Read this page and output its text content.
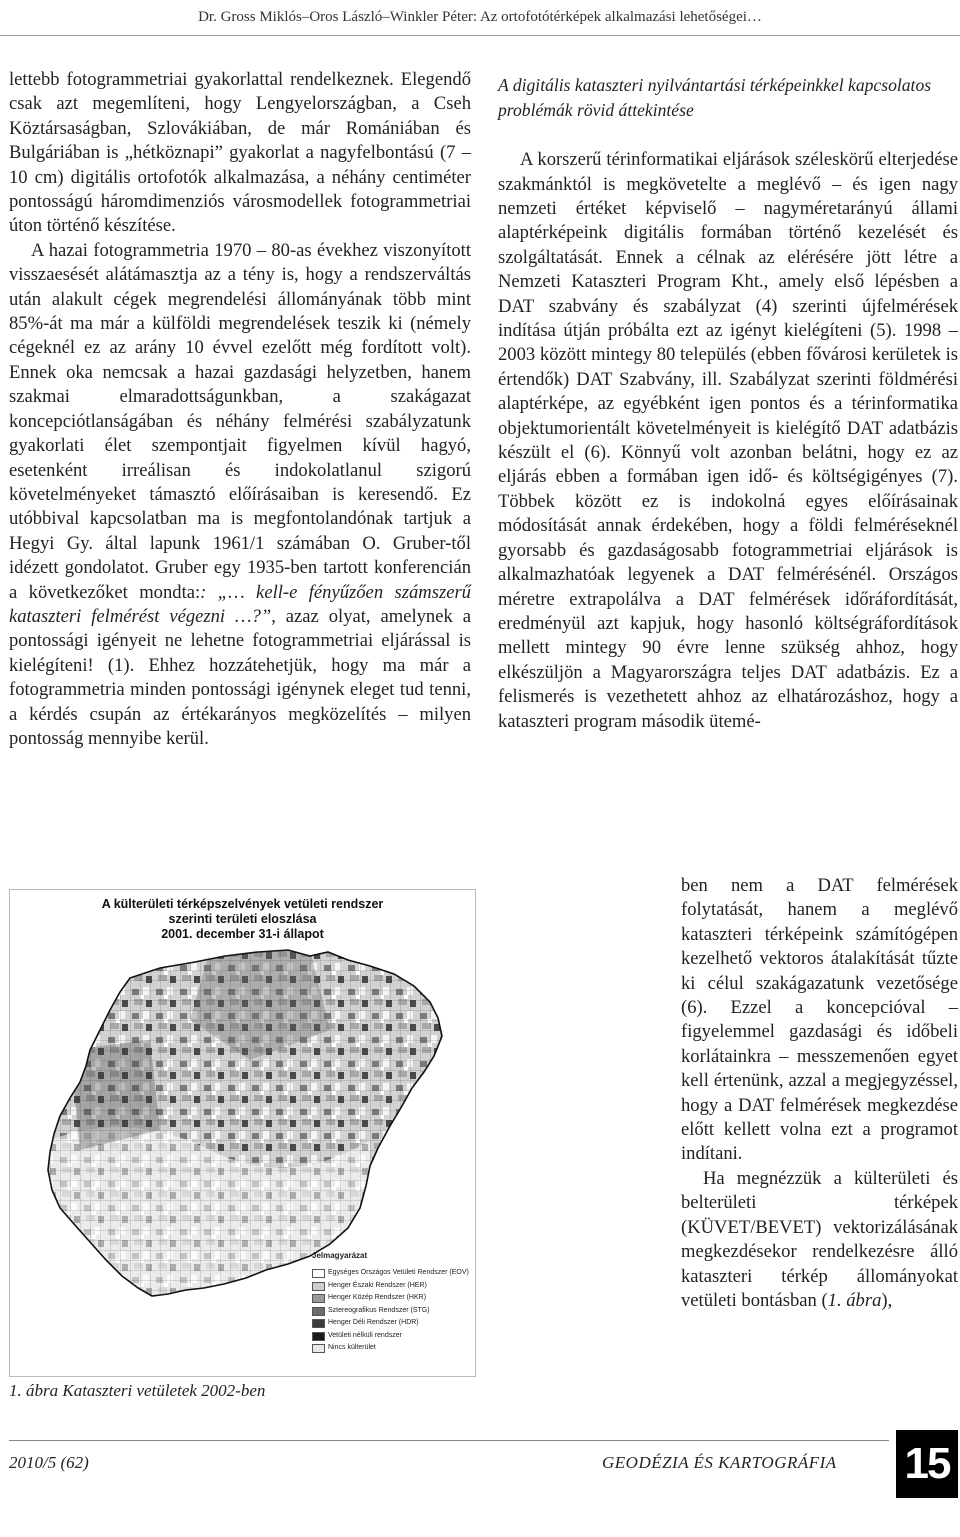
Dr. Gross Miklós–Oros László–Winkler Péter: Az ortofotótérképek alkalmazási lehetőségei…

lettebb fotogrammetriai gyakorlattal rendelkeznek. Elegendő csak azt megemlíteni, hogy Lengyelországban, a Cseh Köztársaságban, Szlovákiában, de már Romániában és Bulgáriában is „hétköznapi” gyakorlat a nagyfelbontású (7 – 10 cm) digitális ortofotók alkalmazása, a néhány centiméter pontosságú háromdimenziós városmodellek fotogrammetriai úton történő készítése.

A hazai fotogrammetria 1970 – 80-as évekhez viszonyított visszaesését alátámasztja az a tény is, hogy a rendszerváltás után alakult cégek megrendelési állományának több mint 85%-át ma már a külföldi megrendelések teszik ki (némely cégeknél ez az arány 10 évvel ezelőtt még fordított volt). Ennek oka nemcsak a hazai gazdasági helyzetben, hanem szakmai elmaradottságunkban, a szakágazat koncepciótlanságában és néhány felmérési szabályzatunk gyakorlati élet szempontjait figyelmen kívül hagyó, esetenként irreálisan és indokolatlanul szigorú követelményeket támasztó előírásaiban is keresendő. Ez utóbbival kapcsolatban ma is megfontolandónak tartjuk a Hegyi Gy. által lapunk 1961/1 számában O. Gruber-től idézett gondolatot. Gruber egy 1935-ben tartott konferencián a következőket mondta:: „… kell-e fényűzően számszerű kataszteri felmérést végezni …?”, azaz olyat, amelynek a pontossági igényeit ne lehetne fotogrammetriai eljárással is kielégíteni! (1). Ehhez hozzátehetjük, hogy ma már a fotogrammetria minden pontossági igénynek eleget tud tenni, a kérdés csupán az értékarányos megközelítés – milyen pontosság mennyibe kerül.

A digitális kataszteri nyilvántartási térképeinkkel kapcsolatos problémák rövid áttekintése

A korszerű térinformatikai eljárások széleskörű elterjedése szakmánktól is megkövetelte a meglévő – és igen nagy nemzeti értéket képviselő – nagyméretarányú állami alaptérképeink digitális formában történő kezelését és szolgáltatását. Ennek a célnak az elérésére jött létre a Nemzeti Kataszteri Program Kht., amely első lépésben a DAT szabvány és szabályzat (4) szerinti újfelmérések indítása útján próbálta ezt az igényt kielégíteni (5). 1998 – 2003 között mintegy 80 település (ebben fővárosi kerületek is értendők) DAT Szabvány, ill. Szabályzat szerinti földmérési alaptérképe, az egyébként igen pontos és a térinformatika objektumorientált követelményeit is kielégítő DAT adatbázis készült el (6). Könnyű volt azonban belátni, hogy ez az eljárás ebben a formában igen idő- és költségigényes (7). Többek között ez is indokolná egyes előírásainak módosítását annak érdekében, hogy a földi felméréseknél gyorsabb és gazdaságosabb fotogrammetriai eljárások is alkalmazhatóak legyenek a DAT felmérésénél. Országos méretre extrapolálva a DAT felmérések időráfordítását, eredményül azt kapjuk, hogy hasonló költségráfordítások mellett mintegy 90 évre lenne szükség ahhoz, hogy elkészüljön a Magyarországra teljes DAT adatbázis. Ez a felismerés is vezethetett ahhoz az elhatározáshoz, hogy a kataszteri program második ütemé-

ben nem a DAT felmérések folytatását, hanem a meglévő kataszteri térképeink számítógépen kezelhető vektoros átalakítását tűzte ki célul szakágazatunk vezetősége (6). Ezzel a koncepcióval – figyelemmel gazdasági és időbeli korlátainkra – messzemenően egyet kell értenünk, azzal a megjegyzéssel, hogy a DAT felmérések megkezdése előtt kellett volna ezt a programot indítani.

Ha megnézzük a külterületi és belterületi térképek (KÜVET/BEVET) vektorizálásának megkezdésekor rendelkezésre álló kataszteri térkép állományokat vetületi bontásban (1. ábra),

A külterületi térképszelvények vetületi rendszer
szerinti területi eloszlása
2001. december 31-i állapot
Jelmagyarázat
Egységes Országos Vetületi Rendszer (EOV)
Henger Északi Rendszer (HER)
Henger Közép Rendszer (HKR)
Sztereografikus Rendszer (STG)
Henger Déli Rendszer (HDR)
Vetületi nélküli rendszer
Nincs külterület
1. ábra Kataszteri vetületek 2002-ben
2010/5 (62)	GEODÉZIA ÉS KARTOGRÁFIA 15
